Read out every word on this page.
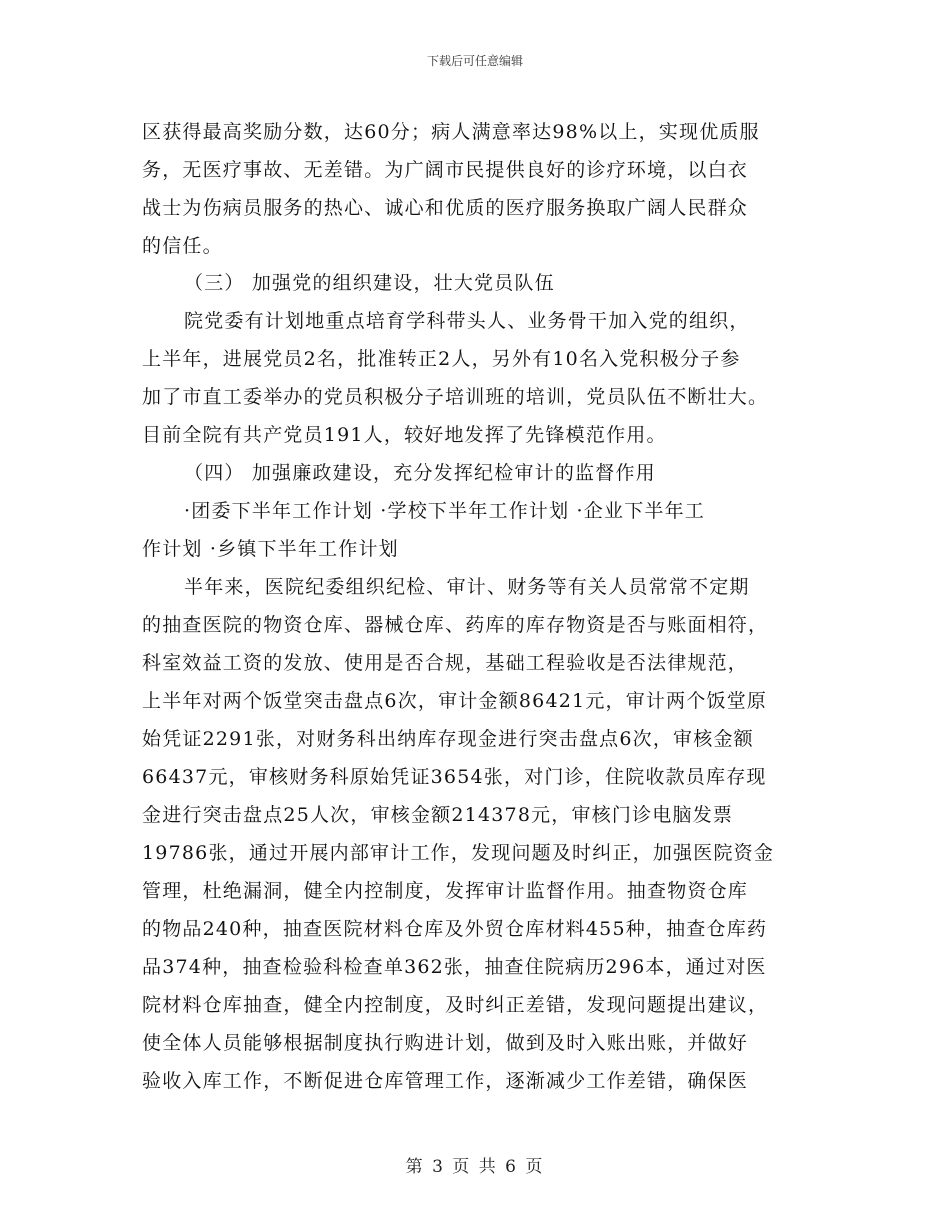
下载后可任意编辑
区获得最高奖励分数，达60分；病人满意率达98%以上，实现优质服
务，无医疗事故、无差错。为广阔市民提供良好的诊疗环境，以白衣
战士为伤病员服务的热心、诚心和优质的医疗服务换取广阔人民群众
的信任。
（三） 加强党的组织建设，壮大党员队伍
院党委有计划地重点培育学科带头人、业务骨干加入党的组织，
上半年，进展党员2名，批准转正2人，另外有10名入党积极分子参
加了市直工委举办的党员积极分子培训班的培训，党员队伍不断壮大。
目前全院有共产党员191人，较好地发挥了先锋模范作用。
（四） 加强廉政建设，充分发挥纪检审计的监督作用
·团委下半年工作计划 ·学校下半年工作计划 ·企业下半年工
作计划 ·乡镇下半年工作计划
半年来，医院纪委组织纪检、审计、财务等有关人员常常不定期
的抽查医院的物资仓库、器械仓库、药库的库存物资是否与账面相符，
科室效益工资的发放、使用是否合规，基础工程验收是否法律规范，
上半年对两个饭堂突击盘点6次，审计金额86421元，审计两个饭堂原
始凭证2291张，对财务科出纳库存现金进行突击盘点6次，审核金额
66437元，审核财务科原始凭证3654张，对门诊，住院收款员库存现
金进行突击盘点25人次，审核金额214378元，审核门诊电脑发票
19786张，通过开展内部审计工作，发现问题及时纠正，加强医院资金
管理，杜绝漏洞，健全内控制度，发挥审计监督作用。抽查物资仓库
的物品240种，抽查医院材料仓库及外贸仓库材料455种，抽查仓库药
品374种，抽查检验科检查单362张，抽查住院病历296本，通过对医
院材料仓库抽查，健全内控制度，及时纠正差错，发现问题提出建议，
使全体人员能够根据制度执行购进计划，做到及时入账出账，并做好
验收入库工作，不断促进仓库管理工作，逐渐减少工作差错，确保医
第 3 页 共 6 页
